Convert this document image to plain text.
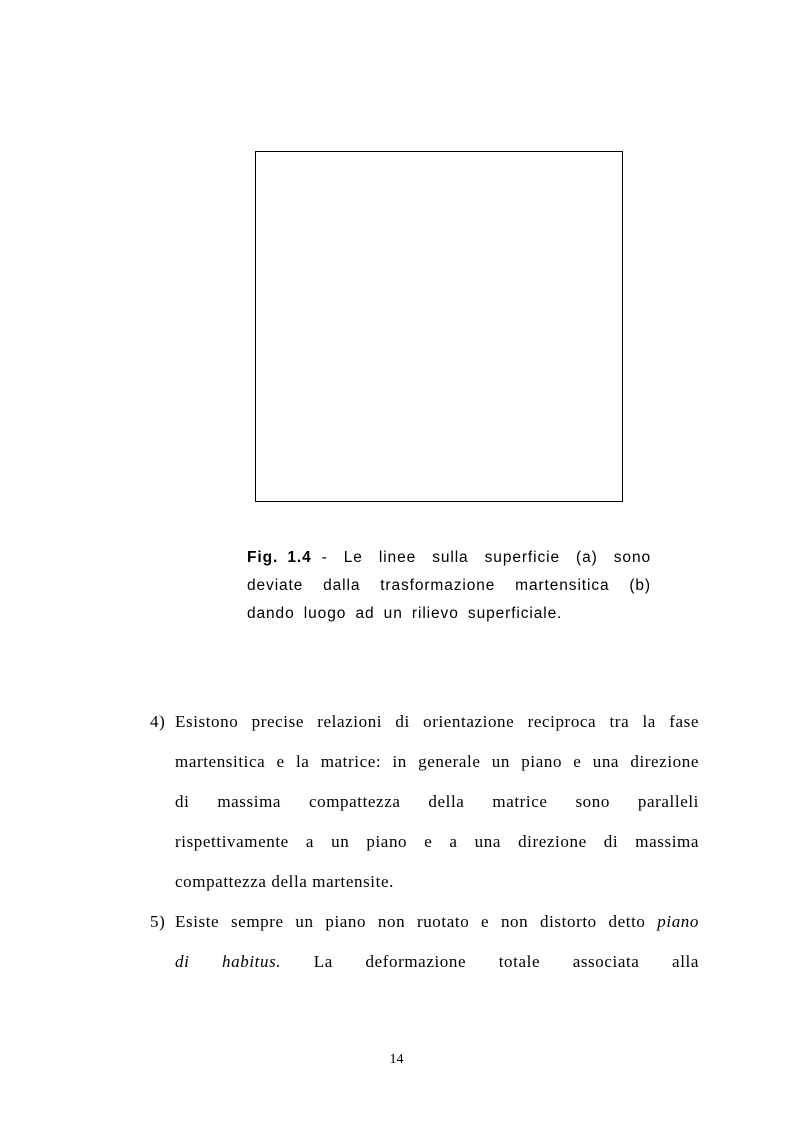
Fig. 1.4 - Le linee sulla superficie (a) sono
deviate dalla trasformazione martensitica (b)
dando luogo ad un rilievo superficiale.
4) Esistono precise relazioni di orientazione reciproca tra la fase
martensitica e la matrice: in generale un piano e una direzione
di massima compattezza della matrice sono paralleli
rispettivamente a un piano e a una direzione di massima
compattezza della martensite.
5) Esiste sempre un piano non ruotato e non distorto detto piano
di habitus. La deformazione totale associata alla
14
